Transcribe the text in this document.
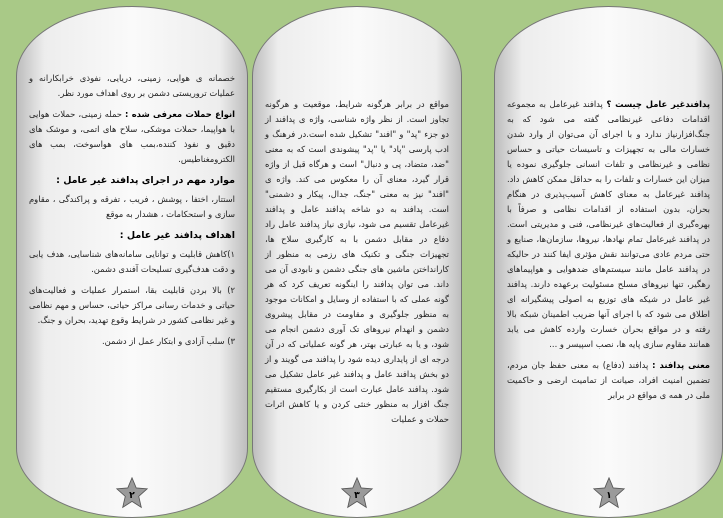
خصمانه ی هوایی، زمینی، دریایی، نفوذی خرابکارانه و عملیات تروریستی دشمن بر روی اهداف مورد نظر.

انواع حملات معرفی شده : حمله زمینی، حملات هوایی با هواپیما، حملات موشکی، سلاح های اتمی، و موشک های دقیق و نفوذ کننده،بمب های هواسوخت، بمب های الکترومغناطیس.

موارد مهم در اجرای پدافند غیر عامل :

استتار، اختفا ، پوشش ، فریب ، تفرقه و پراکندگی ، مقاوم سازی و استحکامات ، هشدار به موقع

اهداف پدافند غیر عامل :

۱)کاهش قابلیت و توانایی سامانه‌های شناسایی، هدف یابی و دقت هدف‌گیری تسلیحات آفندی دشمن.

۲) بالا بردن قابلیت بقا، استمرار عملیات و فعالیت‌های حیاتی و خدمات رسانی مراکز حیاتی، حساس و مهم نظامی و غیر نظامی کشور در شرایط وقوع تهدید، بحران و جنگ.

۳) سلب آزادی و ابتکار عمل از دشمن.

۲

مواقع در برابر هرگونه شرایط، موقعیت و هرگونه تجاوز است. از نظر واژه شناسی، واژه ی پدافند از دو جزء "پد" و "افند" تشکیل شده است.در فرهنگ و ادب پارسی "پاد" یا "پد" پیشوندی است که به معنی "ضد، متضاد، پی و دنبال" است و هرگاه قبل از واژه قرار گیرد، معنای آن را معکوس می کند. واژه ی "افند" نیز به معنی "جنگ، جدال، پیکار و دشمنی" است. پدافند به دو شاخه پدافند عامل و پدافند غیرعامل تقسیم می شود، نیازی نیاز پدافند عامل راد دفاع در مقابل دشمن با به کارگیری سلاح ها، تجهیزات جنگی و تکنیک های رزمی به منظور از کارانداختن ماشین های جنگی دشمن و نابودی آن می داند. می توان پدافند را اینگونه تعریف کرد که هر گونه عملی که با استفاده از وسایل و امکانات موجود به منظور جلوگیری و مقاومت در مقابل پیشروی دشمن و انهدام نیروهای تک آوری دشمن انجام می شود، و یا به عبارتی بهتر، هر گونه عملیاتی که در آن درجه ای از پایداری دیده شود را پدافند می گویند و از دو بخش پدافند عامل و پدافند غیر عامل تشکیل می شود. پدافند عامل عبارت است از بکارگیری مستقیم جنگ افزار به منظور خنثی کردن و یا کاهش اثرات حملات و عملیات

۳

پدافندغیر عامل چیست ؟ پدافند غیرعامل به مجموعه اقدامات دفاعی غیرنظامی گفته می شود که به جنگ‌افزارنیاز ندارد و با اجرای آن می‌توان از وارد شدن خسارات مالی به تجهیزات و تاسیسات حیاتی و حساس نظامی و غیرنظامی و تلفات انسانی جلوگیری نموده یا میزان این خسارات و تلفات را به حداقل ممکن کاهش داد. پدافند غیرعامل به معنای کاهش آسیب‌پذیری در هنگام بحران، بدون استفاده از اقدامات نظامی و صرفاً با بهره‌گیری از فعالیت‌های غیرنظامی، فنی و مدیریتی است. در پدافند غیرعامل تمام نهادها، نیروها، سازمان‌ها، صنایع و حتی مردم عادی می‌توانند نقش مؤثری ایفا کنند در حالیکه در پدافند عامل مانند سیستم‌های ضدهوایی و هواپیماهای رهگیر، تنها نیروهای مسلح مسئولیت برعهده دارند. پدافند غیر عامل در شیکه های توزیع به اصولی پیشگیرانه ای اطلاق می شود که با اجرای آنها ضریب اطمینان شبکه بالا رفته و در مواقع بحران خسارت وارده کاهش می یابد همانند مقاوم سازی پایه ها، نصب اسپیسر و ...

معنی پدافند : پدافند (دفاع) به معنی حفظ جان مردم، تضمین امنیت افراد، صیانت از تمامیت ارضی و حاکمیت ملی در همه ی مواقع در برابر

۱
